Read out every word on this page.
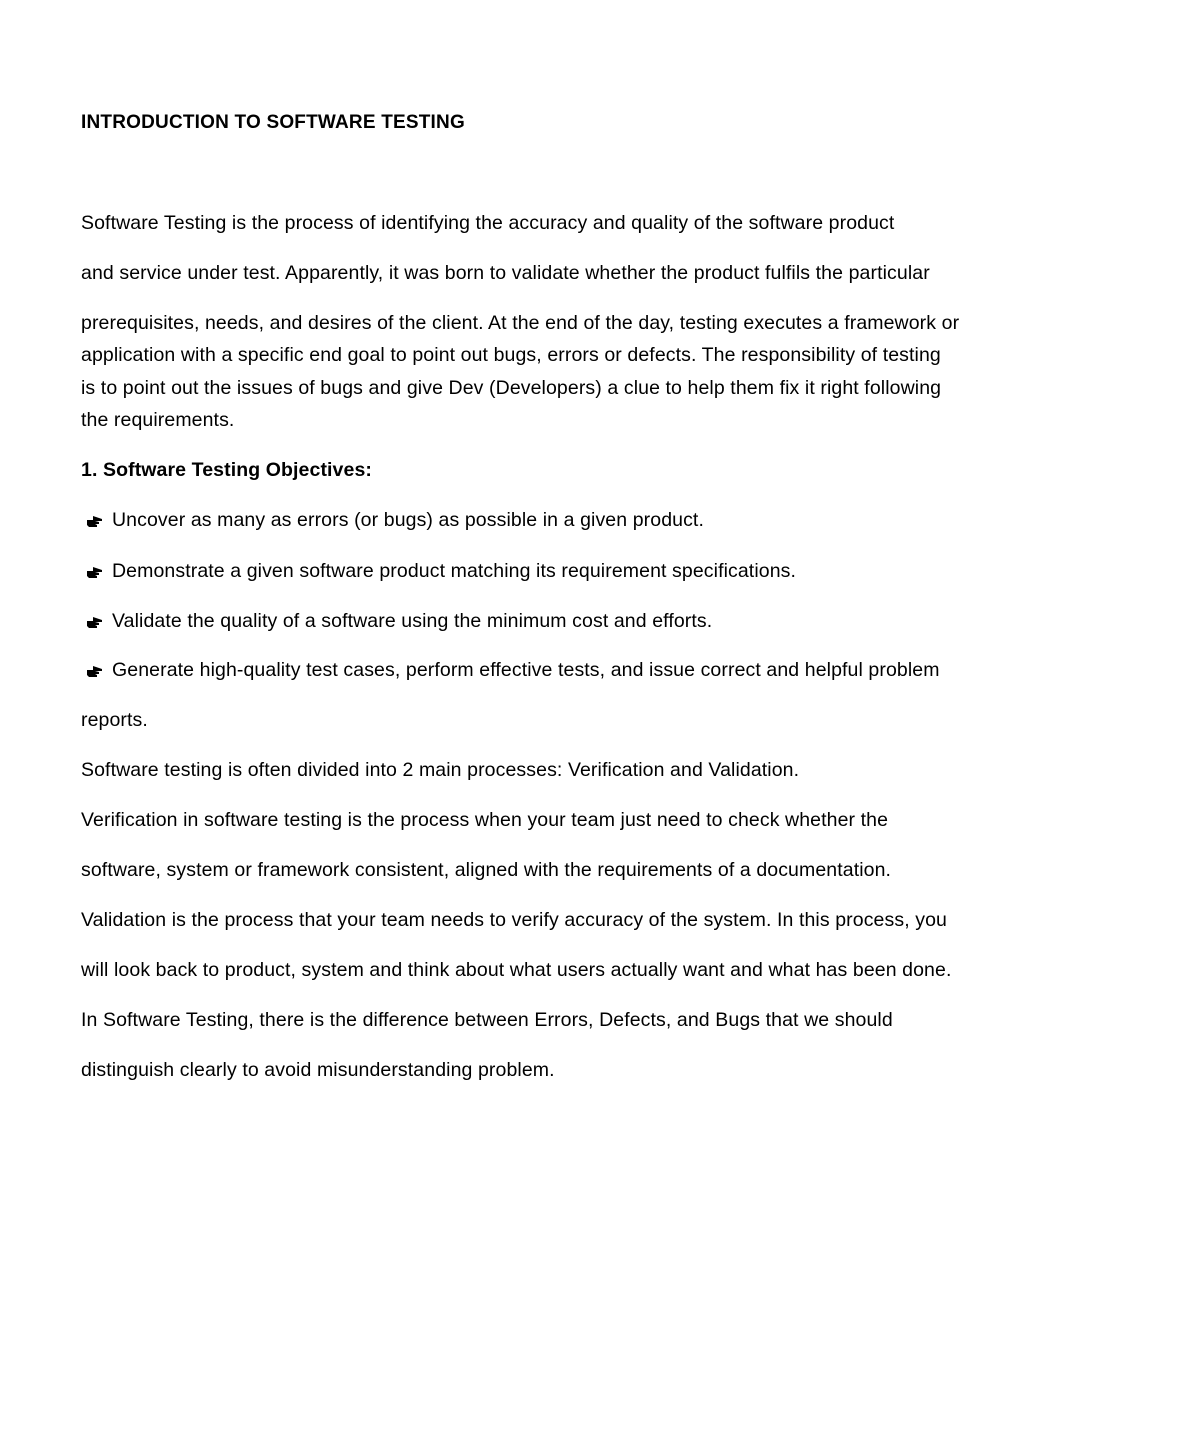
INTRODUCTION TO SOFTWARE TESTING
Software Testing is the process of identifying the accuracy and quality of the software product
and service under test. Apparently, it was born to validate whether the product fulfils the particular
prerequisites, needs, and desires of the client. At the end of the day, testing executes a framework or
application with a specific end goal to point out bugs, errors or defects. The responsibility of testing
is to point out the issues of bugs and give Dev (Developers) a clue to help them fix it right following
the requirements.
1. Software Testing Objectives:
Uncover as many as errors (or bugs) as possible in a given product.
Demonstrate a given software product matching its requirement specifications.
Validate the quality of a software using the minimum cost and efforts.
Generate high-quality test cases, perform effective tests, and issue correct and helpful problem
reports.
Software testing is often divided into 2 main processes: Verification and Validation.
Verification in software testing is the process when your team just need to check whether the
software, system or framework consistent, aligned with the requirements of a documentation.
Validation is the process that your team needs to verify accuracy of the system. In this process, you
will look back to product, system and think about what users actually want and what has been done.
In Software Testing, there is the difference between Errors, Defects, and Bugs that we should
distinguish clearly to avoid misunderstanding problem.
